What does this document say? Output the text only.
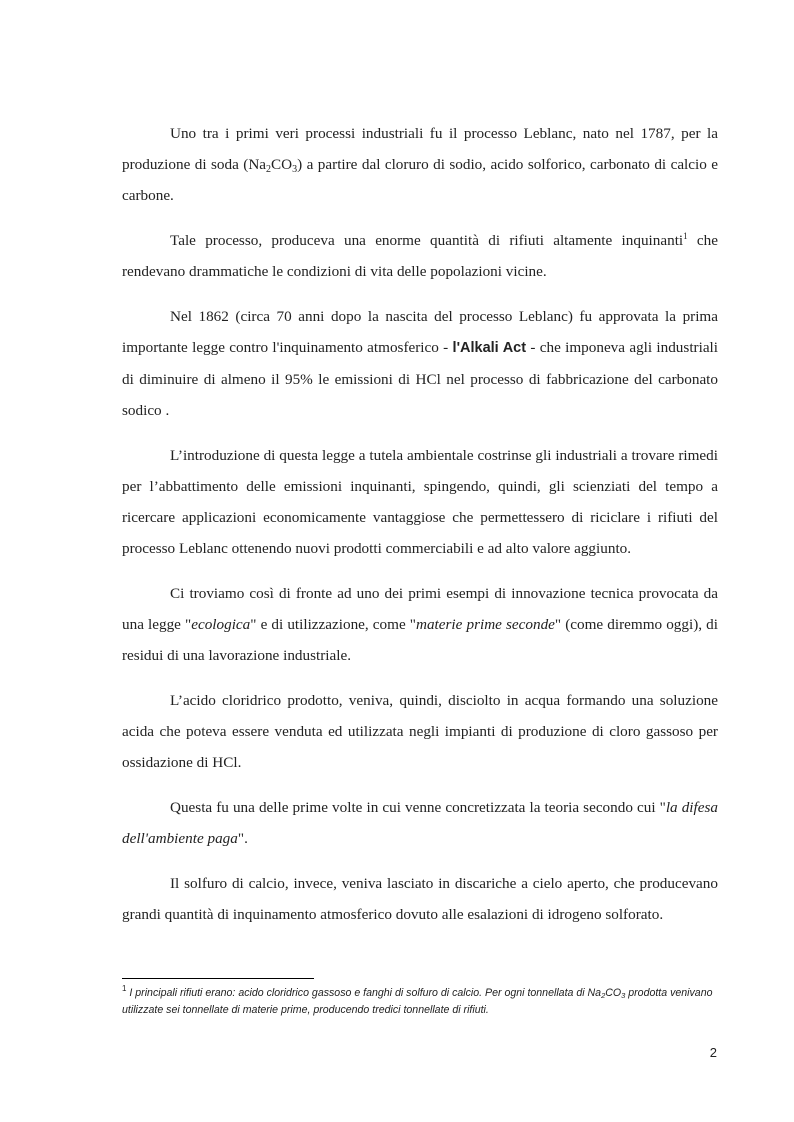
Uno tra i primi veri processi industriali fu il processo Leblanc, nato nel 1787, per la produzione di soda $(Na_2CO_3)$ a partire dal cloruro di sodio, acido solforico, carbonato di calcio e carbone.

Tale processo, produceva una enorme quantità di rifiuti altamente inquinanti$^1$ che rendevano drammatiche le condizioni di vita delle popolazioni vicine.

Nel 1862 (circa 70 anni dopo la nascita del processo Leblanc) fu approvata la prima importante legge contro l'inquinamento atmosferico - l'Alkali Act - che imponeva agli industriali di diminuire di almeno il 95% le emissioni di HCl nel processo di fabbricazione del carbonato sodico .

L’introduzione di questa legge a tutela ambientale costrinse gli industriali a trovare rimedi per l’abbattimento delle emissioni inquinanti, spingendo, quindi, gli scienziati del tempo a ricercare applicazioni economicamente vantaggiose che permettessero di riciclare i rifiuti del processo Leblanc ottenendo nuovi prodotti commerciabili e ad alto valore aggiunto.

Ci troviamo così di fronte ad uno dei primi esempi di innovazione tecnica provocata da una legge "ecologica" e di utilizzazione, come "materie prime seconde" (come diremmo oggi), di residui di una lavorazione industriale.

L’acido cloridrico prodotto, veniva, quindi, disciolto in acqua formando una soluzione acida che poteva essere venduta ed utilizzata negli impianti di produzione di cloro gassoso per ossidazione di HCl.

Questa fu una delle prime volte in cui venne concretizzata la teoria secondo cui "la difesa dell'ambiente paga".

Il solfuro di calcio, invece, veniva lasciato in discariche a cielo aperto, che producevano grandi quantità di inquinamento atmosferico dovuto alle esalazioni di idrogeno solforato.

$^1$ I principali rifiuti erano: acido cloridrico gassoso e fanghi di solfuro di calcio. Per ogni tonnellata di $Na_2CO_3$ prodotta venivano utilizzate sei tonnellate di materie prime, producendo tredici tonnellate di rifiuti.
2
